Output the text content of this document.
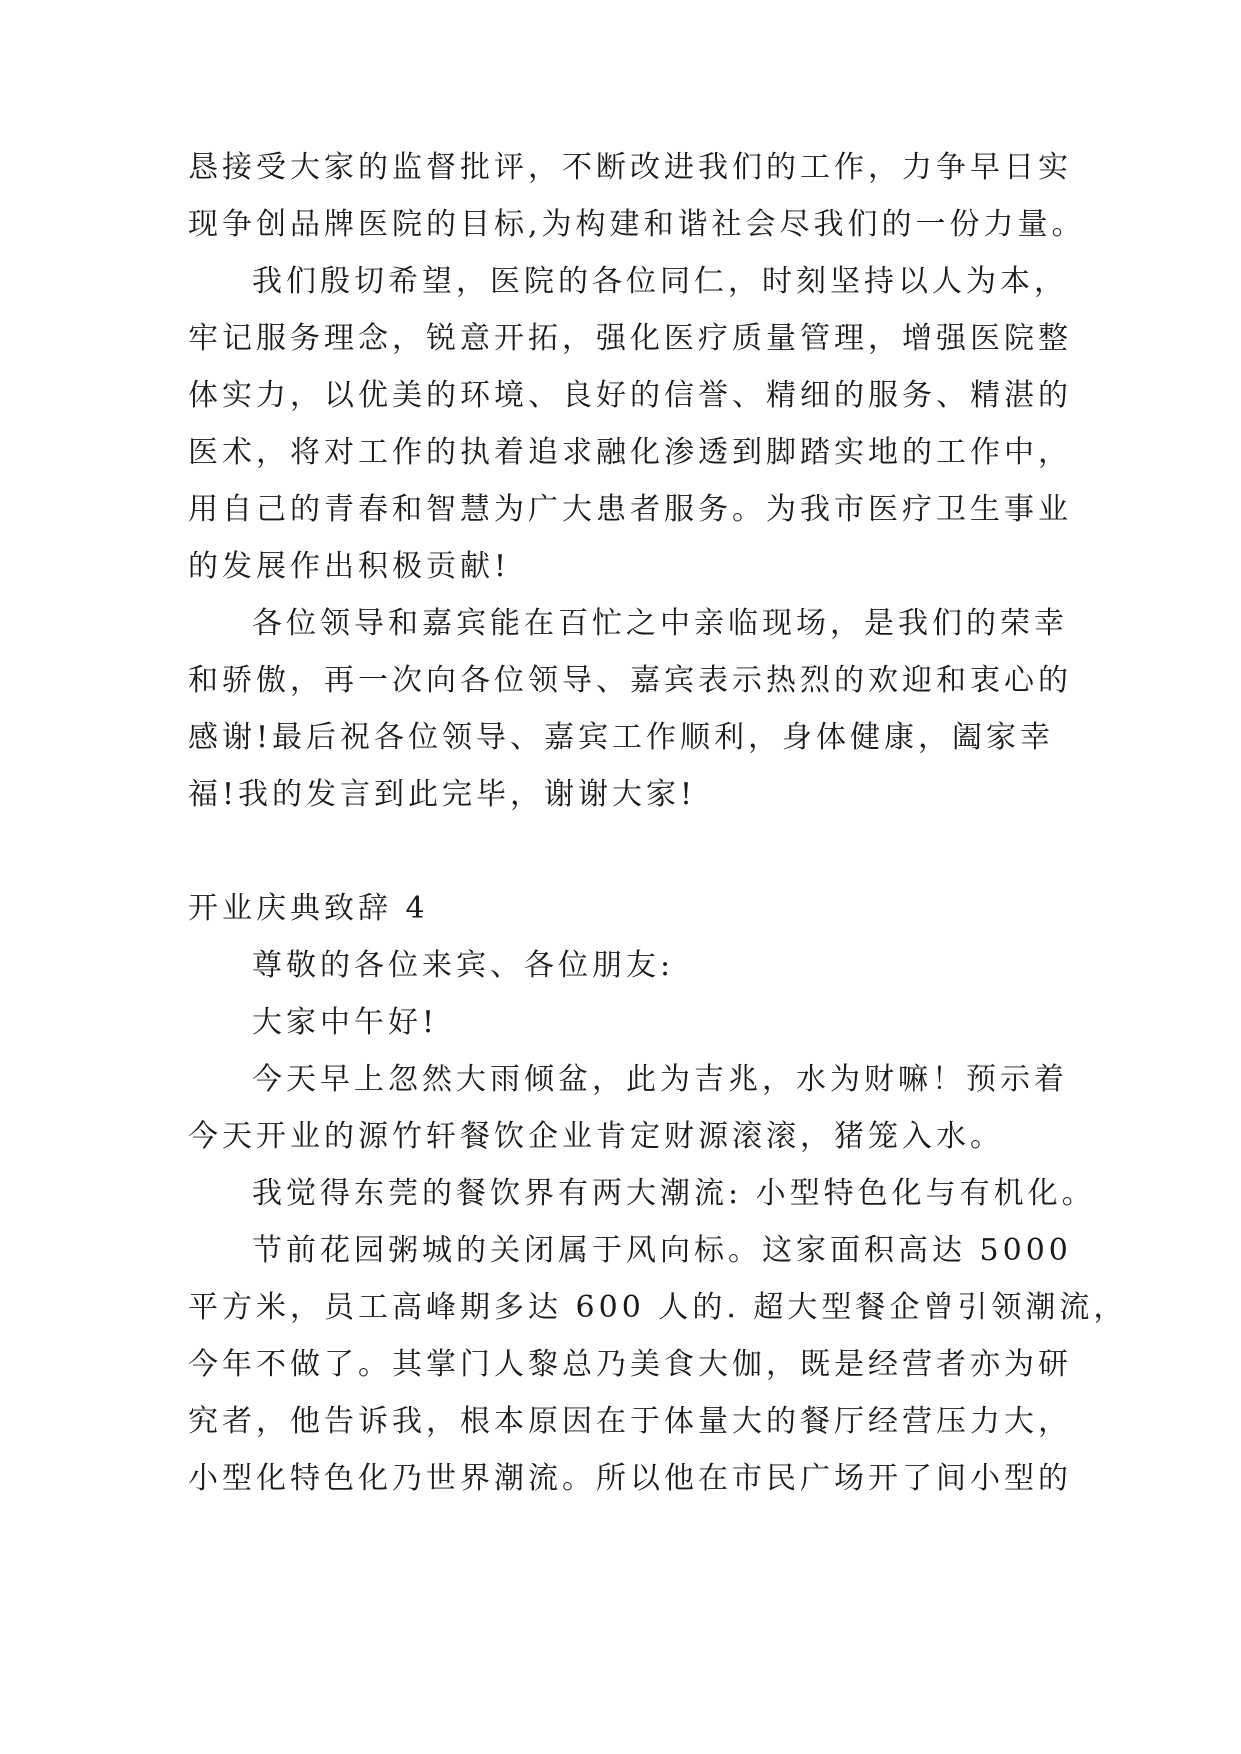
恳接受大家的监督批评，不断改进我们的工作，力争早日实
现争创品牌医院的目标,为构建和谐社会尽我们的一份力量。
我们殷切希望，医院的各位同仁，时刻坚持以人为本，
牢记服务理念，锐意开拓，强化医疗质量管理，增强医院整
体实力，以优美的环境、良好的信誉、精细的服务、精湛的
医术，将对工作的执着追求融化渗透到脚踏实地的工作中，
用自己的青春和智慧为广大患者服务。为我市医疗卫生事业
的发展作出积极贡献!
各位领导和嘉宾能在百忙之中亲临现场，是我们的荣幸
和骄傲，再一次向各位领导、嘉宾表示热烈的欢迎和衷心的
感谢!最后祝各位领导、嘉宾工作顺利，身体健康，阖家幸
福!我的发言到此完毕，谢谢大家!
开业庆典致辞 4
尊敬的各位来宾、各位朋友:
大家中午好!
今天早上忽然大雨倾盆，此为吉兆，水为财嘛！预示着
今天开业的源竹轩餐饮企业肯定财源滚滚，猪笼入水。
我觉得东莞的餐饮界有两大潮流: 小型特色化与有机化。
节前花园粥城的关闭属于风向标。这家面积高达 5000
平方米，员工高峰期多达 600 人的. 超大型餐企曾引领潮流，
今年不做了。其掌门人黎总乃美食大伽，既是经营者亦为研
究者，他告诉我，根本原因在于体量大的餐厅经营压力大，
小型化特色化乃世界潮流。所以他在市民广场开了间小型的
